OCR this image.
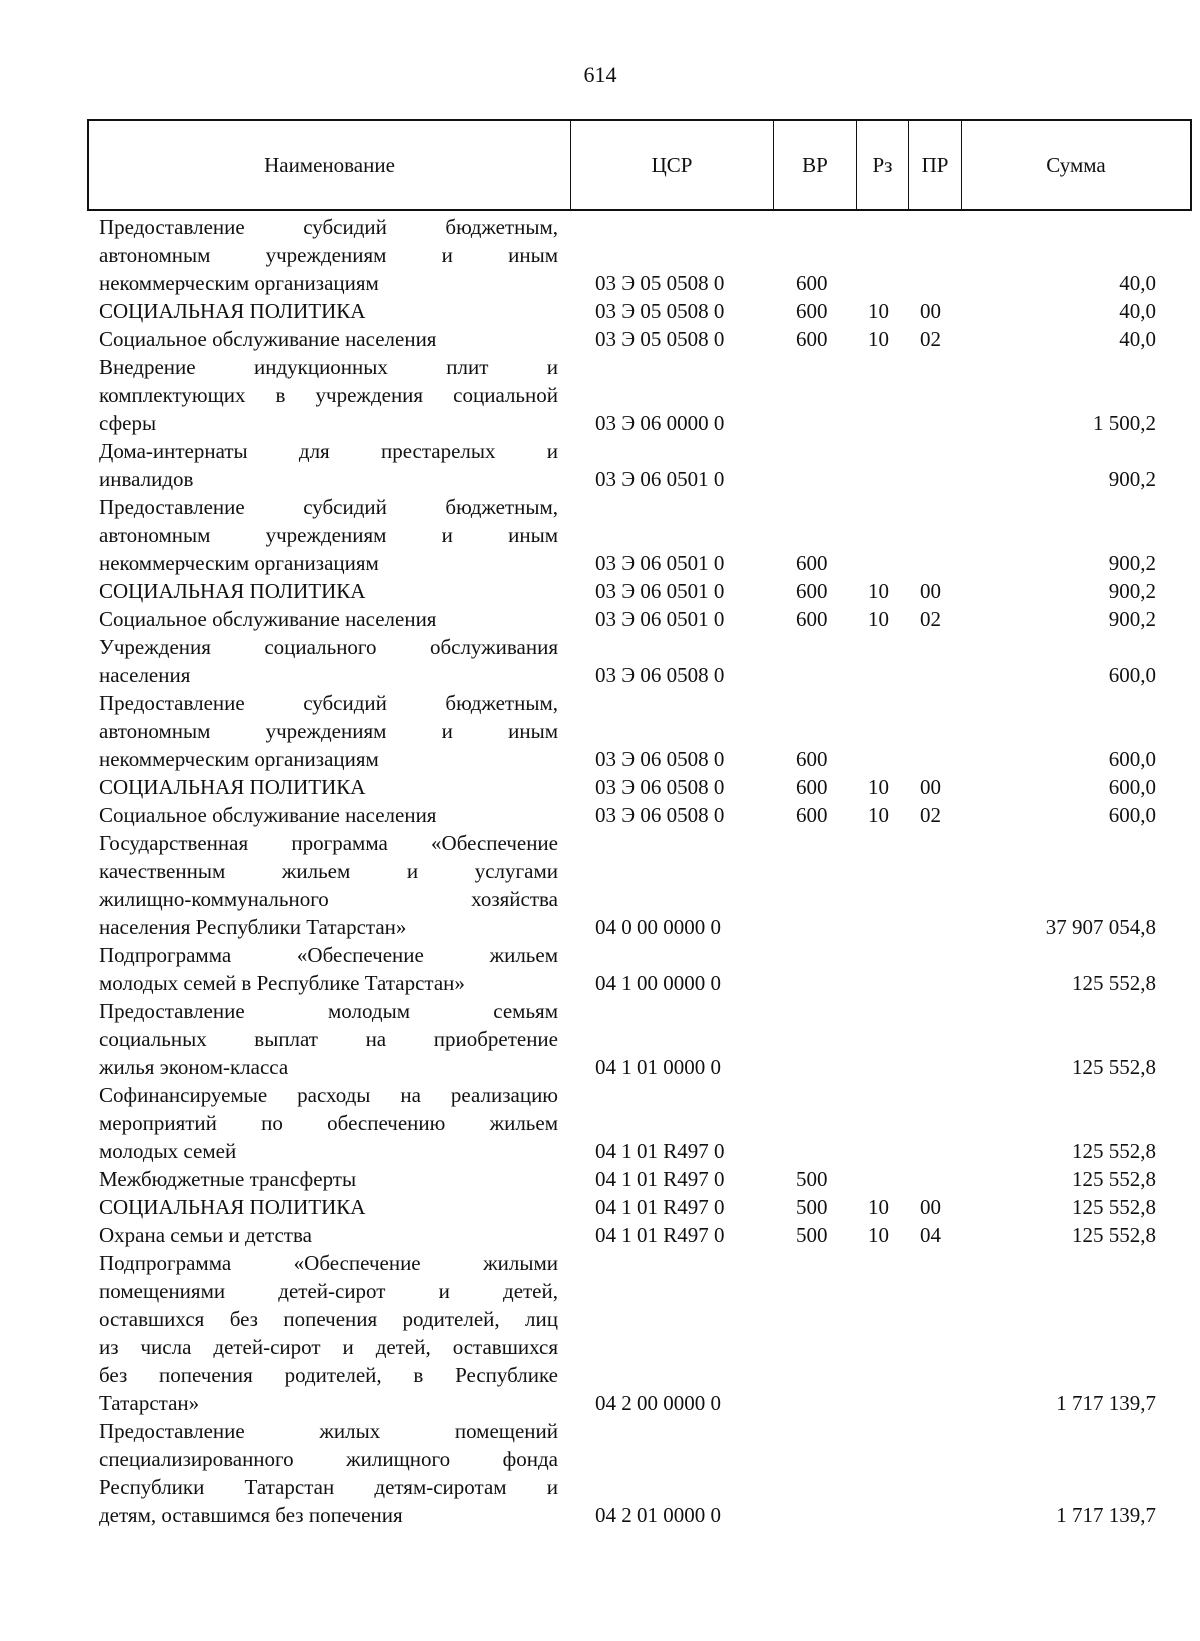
614
Наименование	ЦСР	ВР	Рз	ПР	Сумма
Предоставление субсидий бюджетным,
автономным учреждениям и иным
некоммерческим организациям	03 Э 05 0508 0	600	40,0
СОЦИАЛЬНАЯ ПОЛИТИКА	03 Э 05 0508 0	600 10 00	40,0
Социальное обслуживание населения	03 Э 05 0508 0	600 10 02	40,0
Внедрение индукционных плит и
комплектующих в учреждения социальной
сферы	03 Э 06 0000 0	1 500,2
Дома-интернаты для престарелых и
инвалидов	03 Э 06 0501 0	900,2
Предоставление субсидий бюджетным,
автономным учреждениям и иным
некоммерческим организациям	03 Э 06 0501 0	600	900,2
СОЦИАЛЬНАЯ ПОЛИТИКА	03 Э 06 0501 0	600 10 00	900,2
Социальное обслуживание населения	03 Э 06 0501 0	600 10 02	900,2
Учреждения социального обслуживания
населения	03 Э 06 0508 0	600,0
Предоставление субсидий бюджетным,
автономным учреждениям и иным
некоммерческим организациям	03 Э 06 0508 0	600	600,0
СОЦИАЛЬНАЯ ПОЛИТИКА	03 Э 06 0508 0	600 10 00	600,0
Социальное обслуживание населения	03 Э 06 0508 0	600 10 02	600,0
Государственная программа «Обеспечение
качественным жильем и услугами
жилищно-коммунального хозяйства
населения Республики Татарстан»	04 0 00 0000 0	37 907 054,8
Подпрограмма «Обеспечение жильем
молодых семей в Республике Татарстан»	04 1 00 0000 0	125 552,8
Предоставление молодым семьям
социальных выплат на приобретение
жилья эконом-класса	04 1 01 0000 0	125 552,8
Софинансируемые расходы на реализацию
мероприятий по обеспечению жильем
молодых семей	04 1 01 R497 0	125 552,8
Межбюджетные трансферты	04 1 01 R497 0	500	125 552,8
СОЦИАЛЬНАЯ ПОЛИТИКА	04 1 01 R497 0	500 10 00	125 552,8
Охрана семьи и детства	04 1 01 R497 0	500 10 04	125 552,8
Подпрограмма «Обеспечение жилыми
помещениями детей-сирот и детей,
оставшихся без попечения родителей, лиц
из числа детей-сирот и детей, оставшихся
без попечения родителей, в Республике
Татарстан»	04 2 00 0000 0	1 717 139,7
Предоставление жилых помещений
специализированного жилищного фонда
Республики Татарстан детям-сиротам и
детям, оставшимся без попечения	04 2 01 0000 0	1 717 139,7
